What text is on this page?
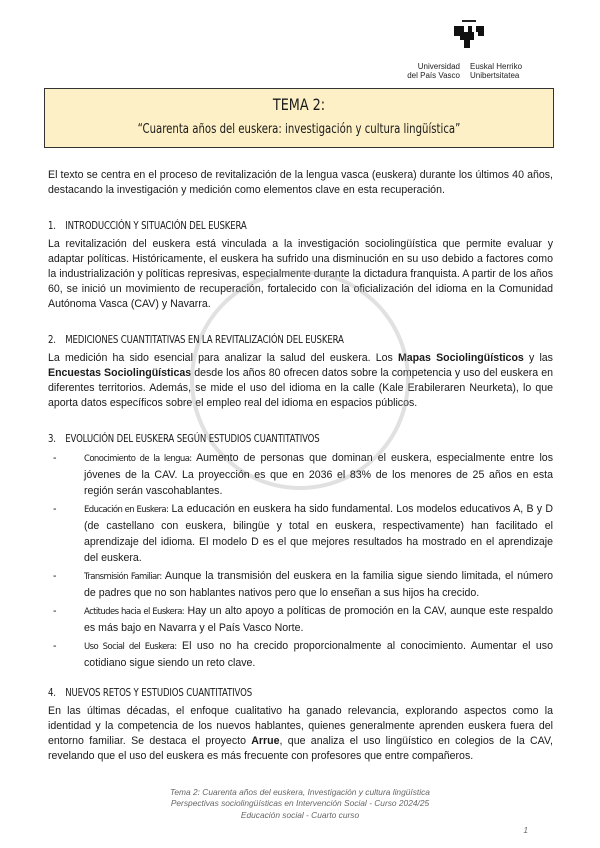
Universidad
del País Vasco
Euskal Herriko
Unibertsitatea
TEMA 2:
“Cuarenta años del euskera: investigación y cultura lingüística”
El texto se centra en el proceso de revitalización de la lengua vasca (euskera) durante los últimos 40 años, destacando la investigación y medición como elementos clave en esta recuperación.
1. INTRODUCCIÓN Y SITUACIÓN DEL EUSKERA
La revitalización del euskera está vinculada a la investigación sociolingüística que permite evaluar y adaptar políticas. Históricamente, el euskera ha sufrido una disminución en su uso debido a factores como la industrialización y políticas represivas, especialmente durante la dictadura franquista. A partir de los años 60, se inició un movimiento de recuperación, fortalecido con la oficialización del idioma en la Comunidad Autónoma Vasca (CAV) y Navarra.
2. MEDICIONES CUANTITATIVAS EN LA REVITALIZACIÓN DEL EUSKERA
La medición ha sido esencial para analizar la salud del euskera. Los Mapas Sociolingüísticos y las Encuestas Sociolingüísticas desde los años 80 ofrecen datos sobre la competencia y uso del euskera en diferentes territorios. Además, se mide el uso del idioma en la calle (Kale Erabileraren Neurketa), lo que aporta datos específicos sobre el empleo real del idioma en espacios públicos.
3. EVOLUCIÓN DEL EUSKERA SEGÚN ESTUDIOS CUANTITATIVOS
-	Conocimiento de la lengua: Aumento de personas que dominan el euskera, especialmente entre los jóvenes de la CAV. La proyección es que en 2036 el 83% de los menores de 25 años en esta región serán vascohablantes.
-	Educación en Euskera: La educación en euskera ha sido fundamental. Los modelos educativos A, B y D (de castellano con euskera, bilingüe y total en euskera, respectivamente) han facilitado el aprendizaje del idioma. El modelo D es el que mejores resultados ha mostrado en el aprendizaje del euskera.
-	Transmisión Familiar: Aunque la transmisión del euskera en la familia sigue siendo limitada, el número de padres que no son hablantes nativos pero que lo enseñan a sus hijos ha crecido.
-	Actitudes hacia el Euskera: Hay un alto apoyo a políticas de promoción en la CAV, aunque este respaldo es más bajo en Navarra y el País Vasco Norte.
-	Uso Social del Euskera: El uso no ha crecido proporcionalmente al conocimiento. Aumentar el uso cotidiano sigue siendo un reto clave.
4. NUEVOS RETOS Y ESTUDIOS CUANTITATIVOS
En las últimas décadas, el enfoque cualitativo ha ganado relevancia, explorando aspectos como la identidad y la competencia de los nuevos hablantes, quienes generalmente aprenden euskera fuera del entorno familiar. Se destaca el proyecto Arrue, que analiza el uso lingüístico en colegios de la CAV, revelando que el uso del euskera es más frecuente con profesores que entre compañeros.
Tema 2: Cuarenta años del euskera, Investigación y cultura lingüística
Perspectivas sociolingüísticas en Intervención Social - Curso 2024/25
Educación social - Cuarto curso
1
